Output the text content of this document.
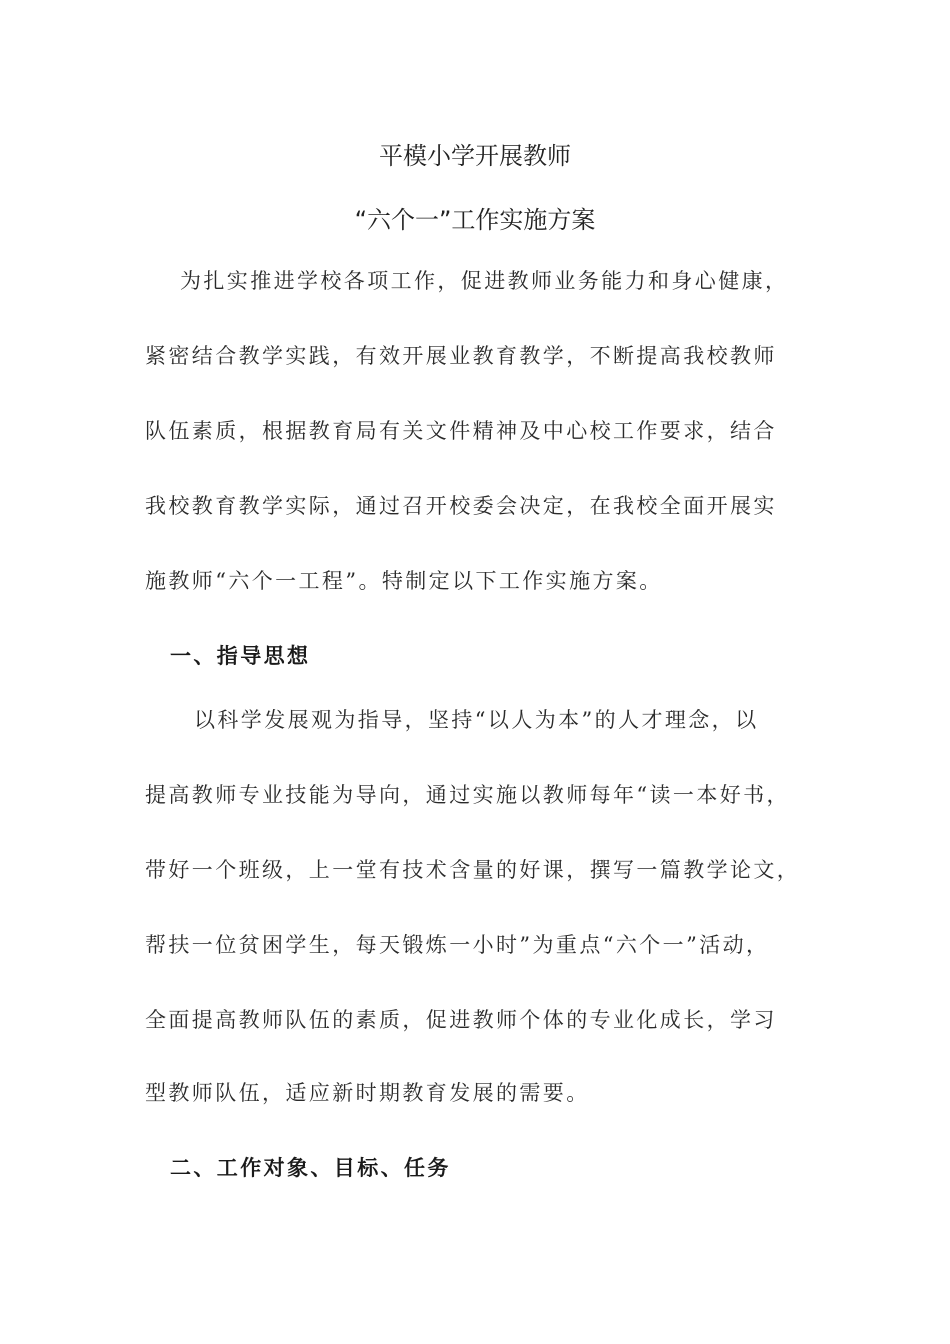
平模小学开展教师
“六个一”工作实施方案
为扎实推进学校各项工作，促进教师业务能力和身心健康，
紧密结合教学实践，有效开展业教育教学，不断提高我校教师
队伍素质，根据教育局有关文件精神及中心校工作要求，结合
我校教育教学实际，通过召开校委会决定，在我校全面开展实
施教师“六个一工程”。特制定以下工作实施方案。
一、指导思想
以科学发展观为指导，坚持“以人为本”的人才理念，以
提高教师专业技能为导向，通过实施以教师每年“读一本好书，
带好一个班级，上一堂有技术含量的好课，撰写一篇教学论文，
帮扶一位贫困学生，每天锻炼一小时”为重点“六个一”活动，
全面提高教师队伍的素质，促进教师个体的专业化成长，学习
型教师队伍，适应新时期教育发展的需要。
二、工作对象、目标、任务
